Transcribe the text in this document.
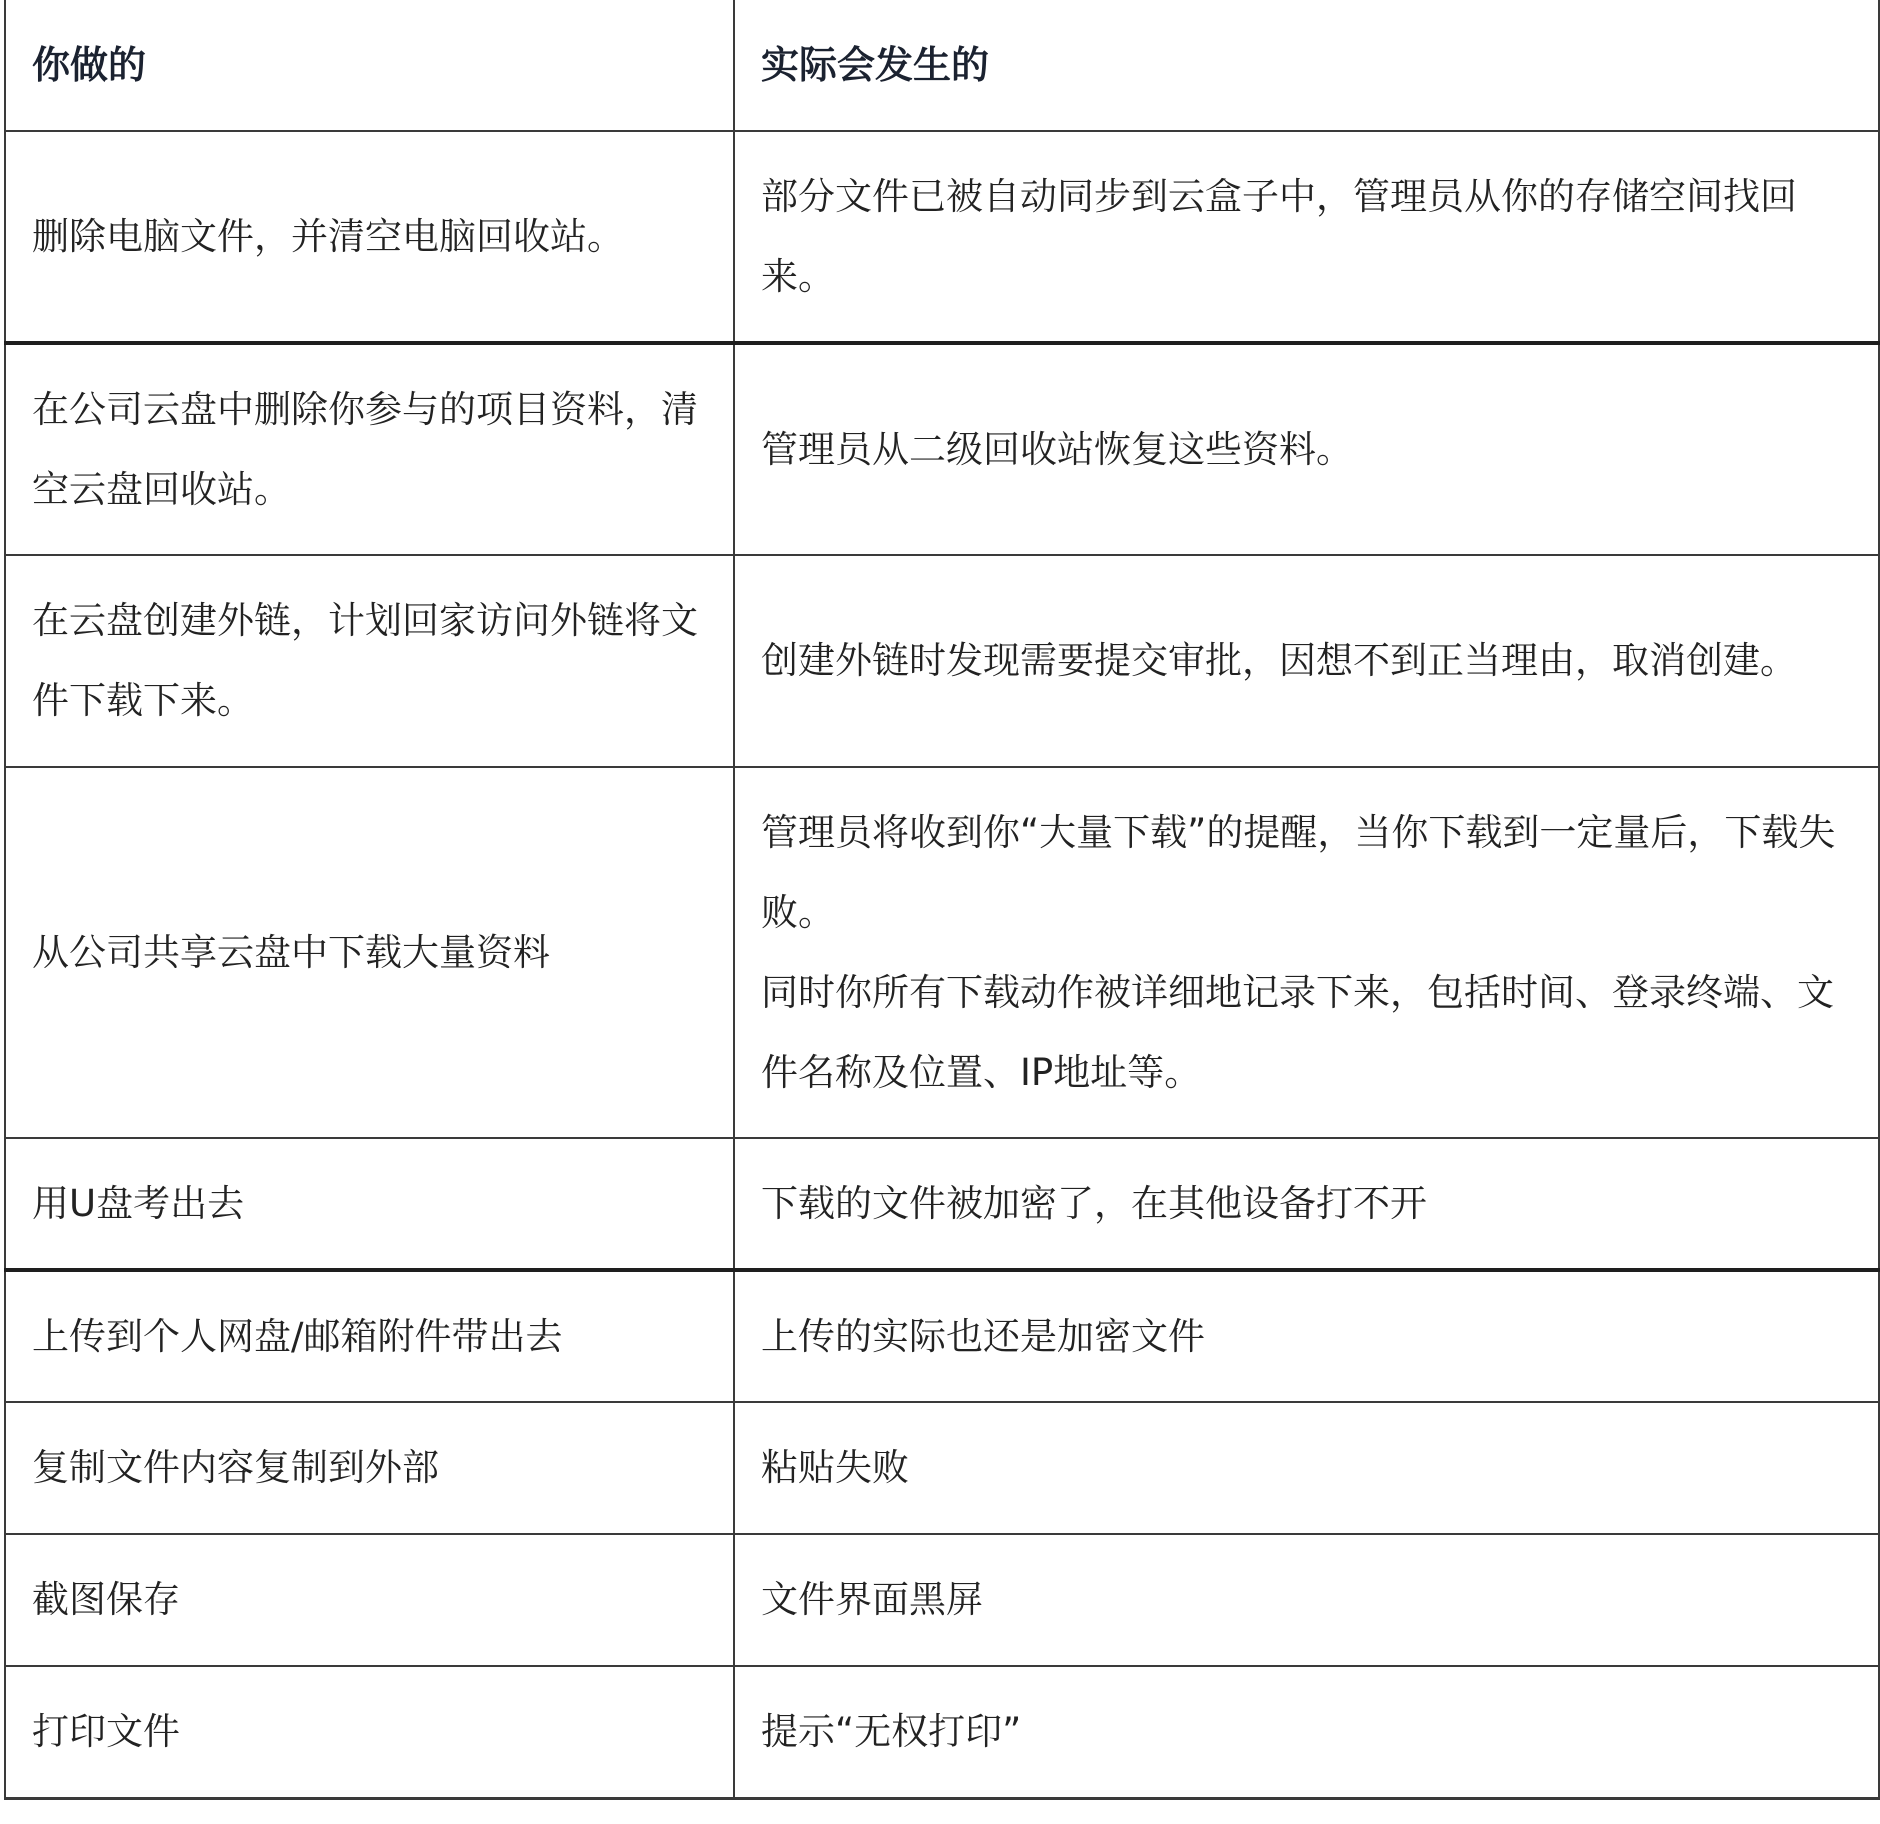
你做的	实际会发生的
删除电脑文件，并清空电脑回收站。	部分文件已被自动同步到云盒子中，管理员从你的存储空间找回来。

在公司云盘中删除你参与的项目资料，清空云盘回收站。	管理员从二级回收站恢复这些资料。

在云盘创建外链，计划回家访问外链将文件下载下来。	创建外链时发现需要提交审批，因想不到正当理由，取消创建。

从公司共享云盘中下载大量资料	管理员将收到你“大量下载”的提醒，当你下载到一定量后，下载失败。
同时你所有下载动作被详细地记录下来，包括时间、登录终端、文件名称及位置、IP地址等。

用U盘考出去	下载的文件被加密了，在其他设备打不开

上传到个人网盘/邮箱附件带出去	上传的实际也还是加密文件

复制文件内容复制到外部	粘贴失败

截图保存	文件界面黑屏

打印文件	提示“无权打印”
